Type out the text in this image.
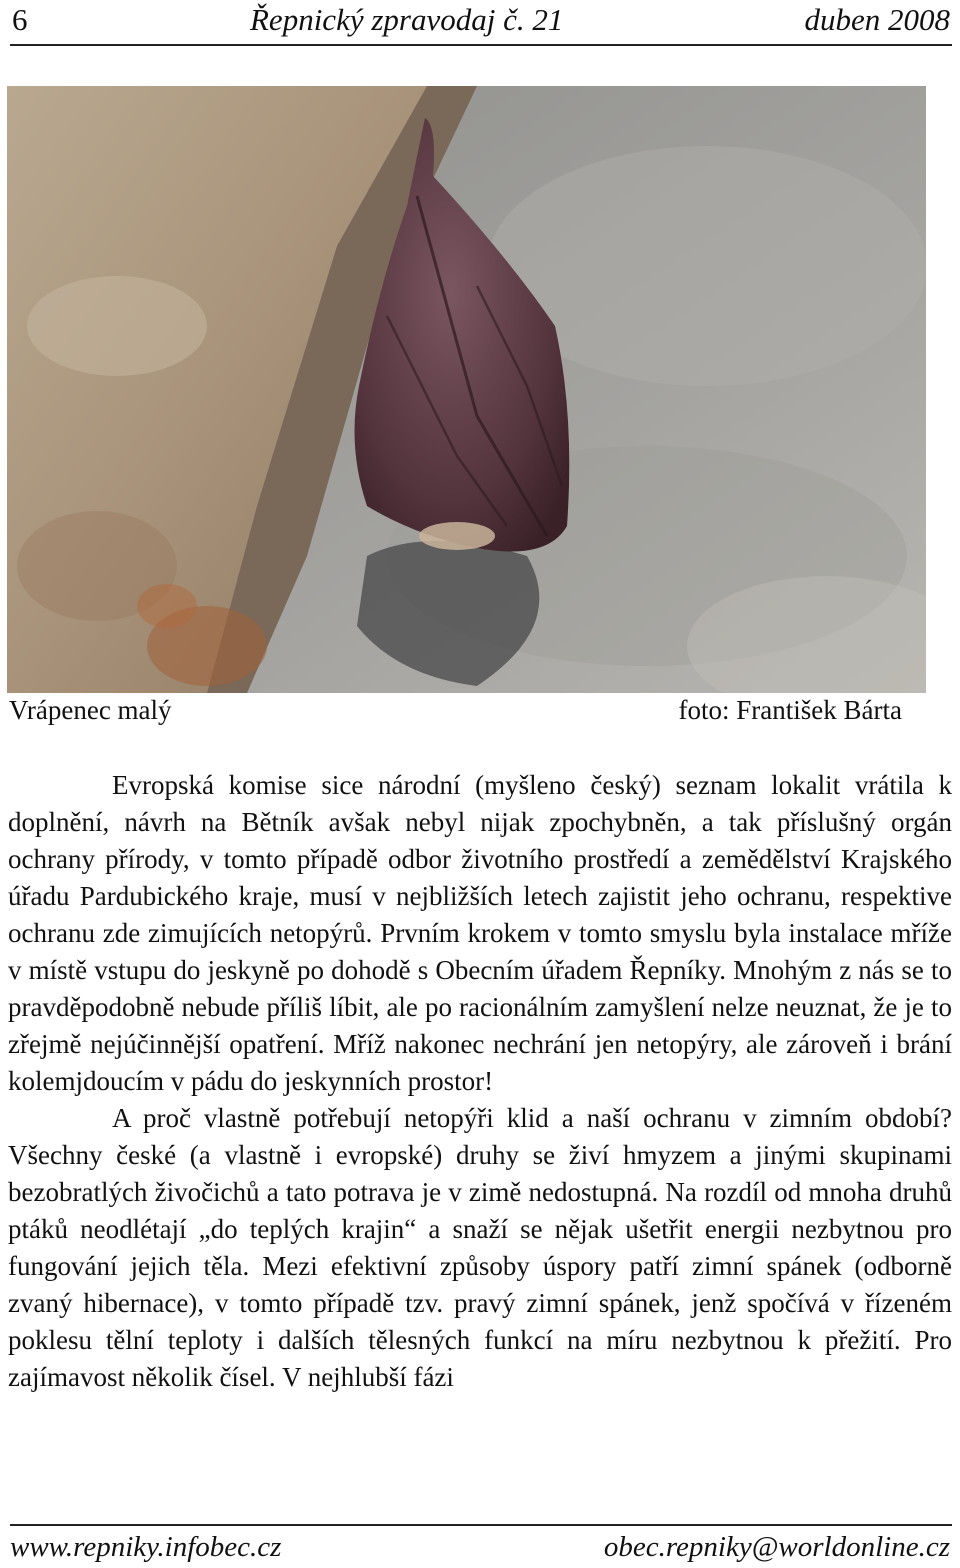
6	Řepnický zpravodaj č. 21	duben 2008
Vrápenec malý	foto: František Bárta

Evropská komise sice národní (myšleno český) seznam lokalit vrátila k doplnění, návrh na Bětník avšak nebyl nijak zpochybněn, a tak příslušný orgán ochrany přírody, v tomto případě odbor životního prostředí a zemědělství Krajského úřadu Pardubického kraje, musí v nejbližších letech zajistit jeho ochranu, respektive ochranu zde zimujících netopýrů. Prvním krokem v tomto smyslu byla instalace mříže v místě vstupu do jeskyně po dohodě s Obecním úřadem Řepníky. Mnohým z nás se to pravděpodobně nebude příliš líbit, ale po racionálním zamyšlení nelze neuznat, že je to zřejmě nejúčinnější opatření. Mříž nakonec nechrání jen netopýry, ale zároveň i brání kolemjdoucím v pádu do jeskynních prostor!

A proč vlastně potřebují netopýři klid a naší ochranu v zimním období? Všechny české (a vlastně i evropské) druhy se živí hmyzem a jinými skupinami bezobratlých živočichů a tato potrava je v zimě nedostupná. Na rozdíl od mnoha druhů ptáků neodlétají „do teplých krajin“ a snaží se nějak ušetřit energii nezbytnou pro fungování jejich těla. Mezi efektivní způsoby úspory patří zimní spánek (odborně zvaný hibernace), v tomto případě tzv. pravý zimní spánek, jenž spočívá v řízeném poklesu tělní teploty i dalších tělesných funkcí na míru nezbytnou k přežití. Pro zajímavost několik čísel. V nejhlubší fázi

www.repniky.infobec.cz	obec.repniky@worldonline.cz
